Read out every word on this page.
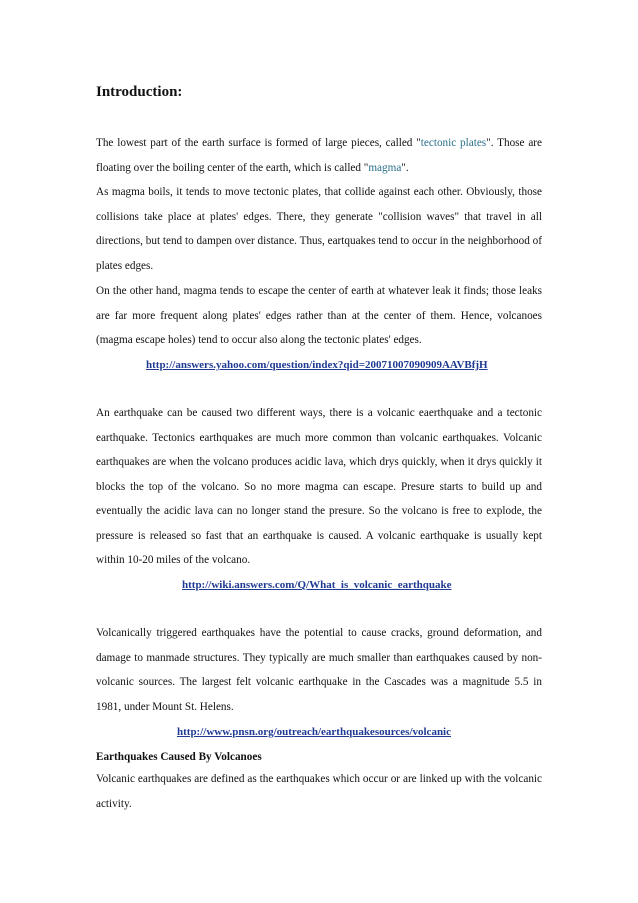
Introduction:

The lowest part of the earth surface is formed of large pieces, called "tectonic plates". Those are floating over the boiling center of the earth, which is called "magma".

As magma boils, it tends to move tectonic plates, that collide against each other. Obviously, those collisions take place at plates' edges. There, they generate "collision waves" that travel in all directions, but tend to dampen over distance. Thus, eartquakes tend to occur in the neighborhood of plates edges.

On the other hand, magma tends to escape the center of earth at whatever leak it finds; those leaks are far more frequent along plates' edges rather than at the center of them. Hence, volcanoes (magma escape holes) tend to occur also along the tectonic plates' edges.

http://answers.yahoo.com/question/index?qid=20071007090909AAVBfjH

An earthquake can be caused two different ways, there is a volcanic eaerthquake and a tectonic earthquake. Tectonics earthquakes are much more common than volcanic earthquakes. Volcanic earthquakes are when the volcano produces acidic lava, which drys quickly, when it drys quickly it blocks the top of the volcano. So no more magma can escape. Presure starts to build up and eventually the acidic lava can no longer stand the presure. So the volcano is free to explode, the pressure is released so fast that an earthquake is caused. A volcanic earthquake is usually kept within 10-20 miles of the volcano.

http://wiki.answers.com/Q/What_is_volcanic_earthquake

Volcanically triggered earthquakes have the potential to cause cracks, ground deformation, and damage to manmade structures. They typically are much smaller than earthquakes caused by non-volcanic sources. The largest felt volcanic earthquake in the Cascades was a magnitude 5.5 in 1981, under Mount St. Helens.

http://www.pnsn.org/outreach/earthquakesources/volcanic
Earthquakes Caused By Volcanoes

Volcanic earthquakes are defined as the earthquakes which occur or are linked up with the volcanic activity.
